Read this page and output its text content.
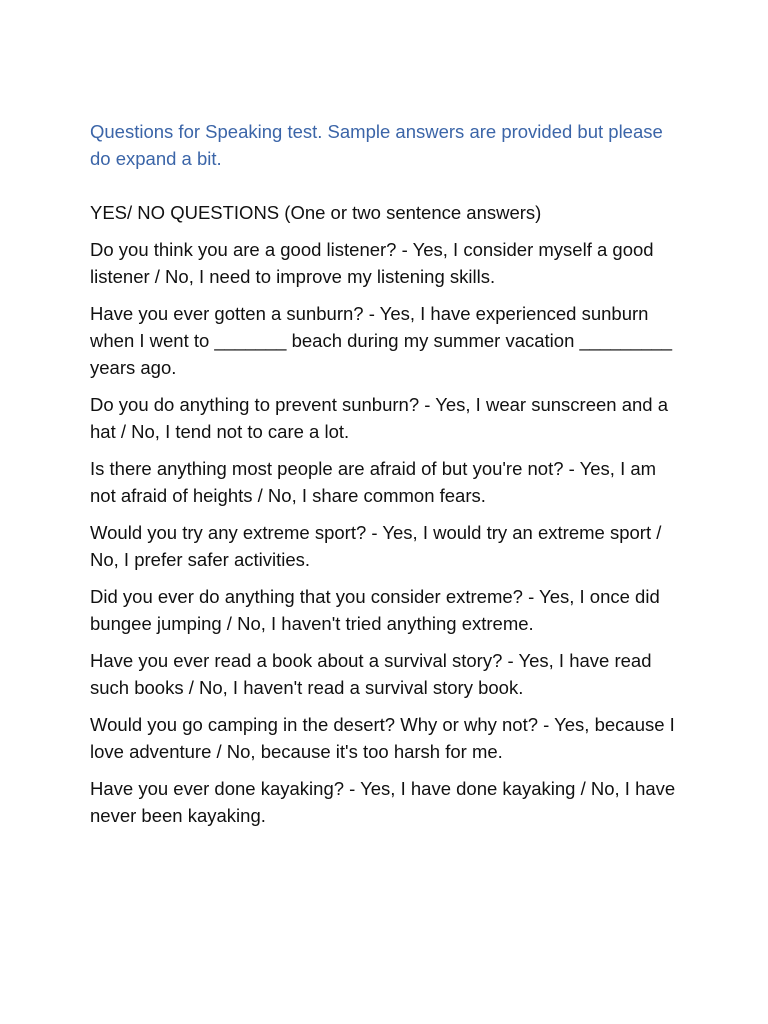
Questions for Speaking test. Sample answers are provided but please do expand a bit.

YES/ NO QUESTIONS (One or two sentence answers)

Do you think you are a good listener? - Yes, I consider myself a good listener / No, I need to improve my listening skills.

Have you ever gotten a sunburn? - Yes, I have experienced sunburn when I went to _______ beach during my summer vacation _________ years ago.

Do you do anything to prevent sunburn? - Yes, I wear sunscreen and a hat / No, I tend not to care a lot.

Is there anything most people are afraid of but you're not? - Yes, I am not afraid of heights / No, I share common fears.

Would you try any extreme sport? - Yes, I would try an extreme sport / No, I prefer safer activities.

Did you ever do anything that you consider extreme? - Yes, I once did bungee jumping / No, I haven't tried anything extreme.

Have you ever read a book about a survival story? - Yes, I have read such books / No, I haven't read a survival story book.

Would you go camping in the desert? Why or why not? - Yes, because I love adventure / No, because it's too harsh for me.

Have you ever done kayaking? - Yes, I have done kayaking / No, I have never been kayaking.
